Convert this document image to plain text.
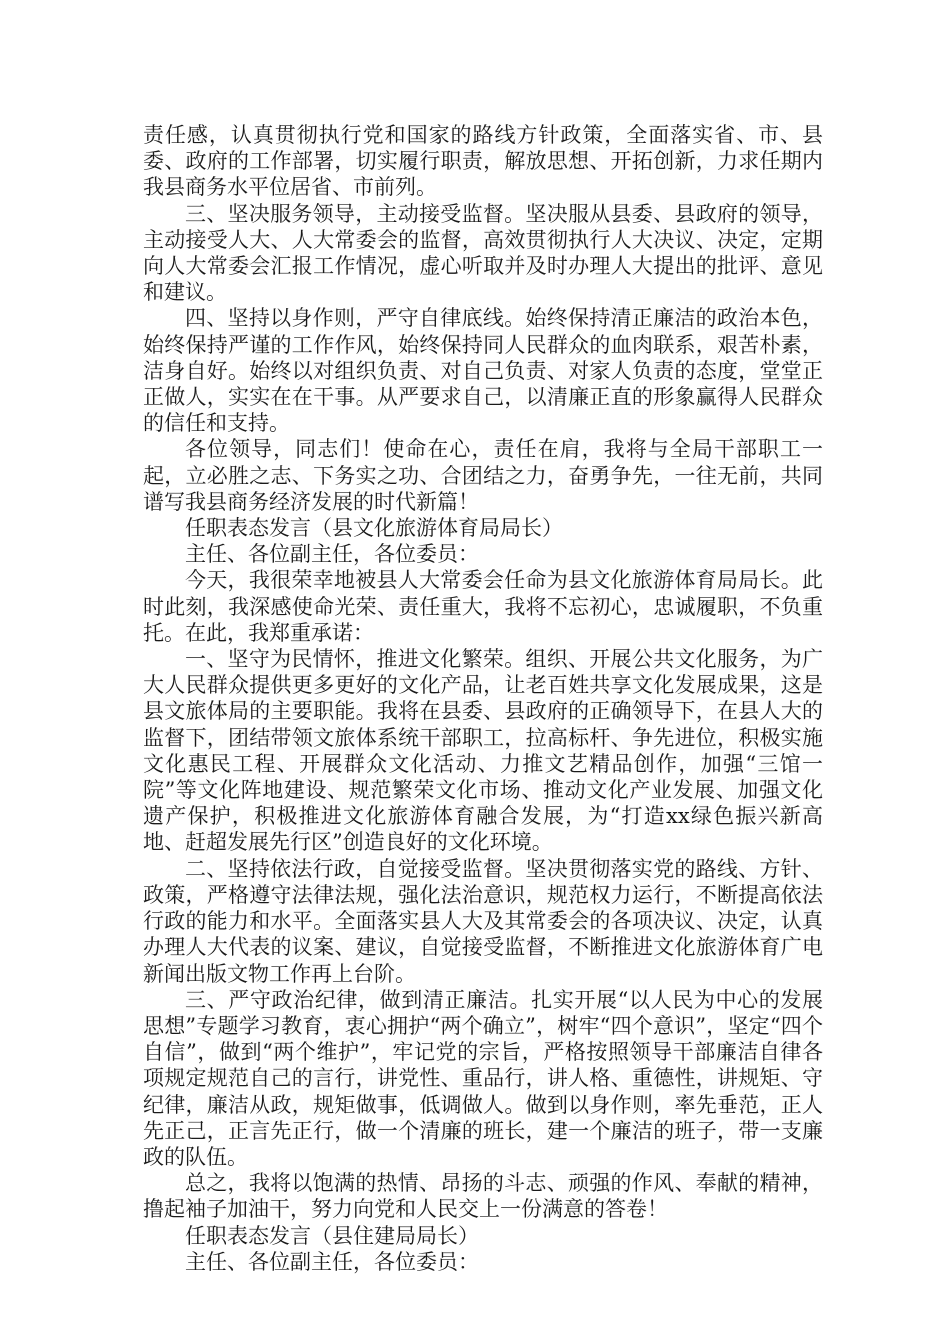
责任感，认真贯彻执行党和国家的路线方针政策，全面落实省、市、县委、政府的工作部署，切实履行职责，解放思想、开拓创新，力求任期内我县商务水平位居省、市前列。

三、坚决服务领导，主动接受监督。坚决服从县委、县政府的领导，主动接受人大、人大常委会的监督，高效贯彻执行人大决议、决定，定期向人大常委会汇报工作情况，虚心听取并及时办理人大提出的批评、意见和建议。

四、坚持以身作则，严守自律底线。始终保持清正廉洁的政治本色，始终保持严谨的工作作风，始终保持同人民群众的血肉联系，艰苦朴素，洁身自好。始终以对组织负责、对自己负责、对家人负责的态度，堂堂正正做人，实实在在干事。从严要求自己，以清廉正直的形象赢得人民群众的信任和支持。

各位领导，同志们！使命在心，责任在肩，我将与全局干部职工一起，立必胜之志、下务实之功、合团结之力，奋勇争先，一往无前，共同谱写我县商务经济发展的时代新篇！

任职表态发言（县文化旅游体育局局长）

主任、各位副主任，各位委员：

今天，我很荣幸地被县人大常委会任命为县文化旅游体育局局长。此时此刻，我深感使命光荣、责任重大，我将不忘初心，忠诚履职，不负重托。在此，我郑重承诺：

一、坚守为民情怀，推进文化繁荣。组织、开展公共文化服务，为广大人民群众提供更多更好的文化产品，让老百姓共享文化发展成果，这是县文旅体局的主要职能。我将在县委、县政府的正确领导下，在县人大的监督下，团结带领文旅体系统干部职工，拉高标杆、争先进位，积极实施文化惠民工程、开展群众文化活动、力推文艺精品创作，加强“三馆一院”等文化阵地建设、规范繁荣文化市场、推动文化产业发展、加强文化遗产保护，积极推进文化旅游体育融合发展，为“打造xx绿色振兴新高地、赶超发展先行区”创造良好的文化环境。

二、坚持依法行政，自觉接受监督。坚决贯彻落实党的路线、方针、政策，严格遵守法律法规，强化法治意识，规范权力运行，不断提高依法行政的能力和水平。全面落实县人大及其常委会的各项决议、决定，认真办理人大代表的议案、建议，自觉接受监督，不断推进文化旅游体育广电新闻出版文物工作再上台阶。

三、严守政治纪律，做到清正廉洁。扎实开展“以人民为中心的发展思想”专题学习教育，衷心拥护“两个确立”，树牢“四个意识”，坚定“四个自信”，做到“两个维护”，牢记党的宗旨，严格按照领导干部廉洁自律各项规定规范自己的言行，讲党性、重品行，讲人格、重德性，讲规矩、守纪律，廉洁从政，规矩做事，低调做人。做到以身作则，率先垂范，正人先正己，正言先正行，做一个清廉的班长，建一个廉洁的班子，带一支廉政的队伍。

总之，我将以饱满的热情、昂扬的斗志、顽强的作风、奉献的精神，撸起袖子加油干，努力向党和人民交上一份满意的答卷！

任职表态发言（县住建局局长）

主任、各位副主任，各位委员：
